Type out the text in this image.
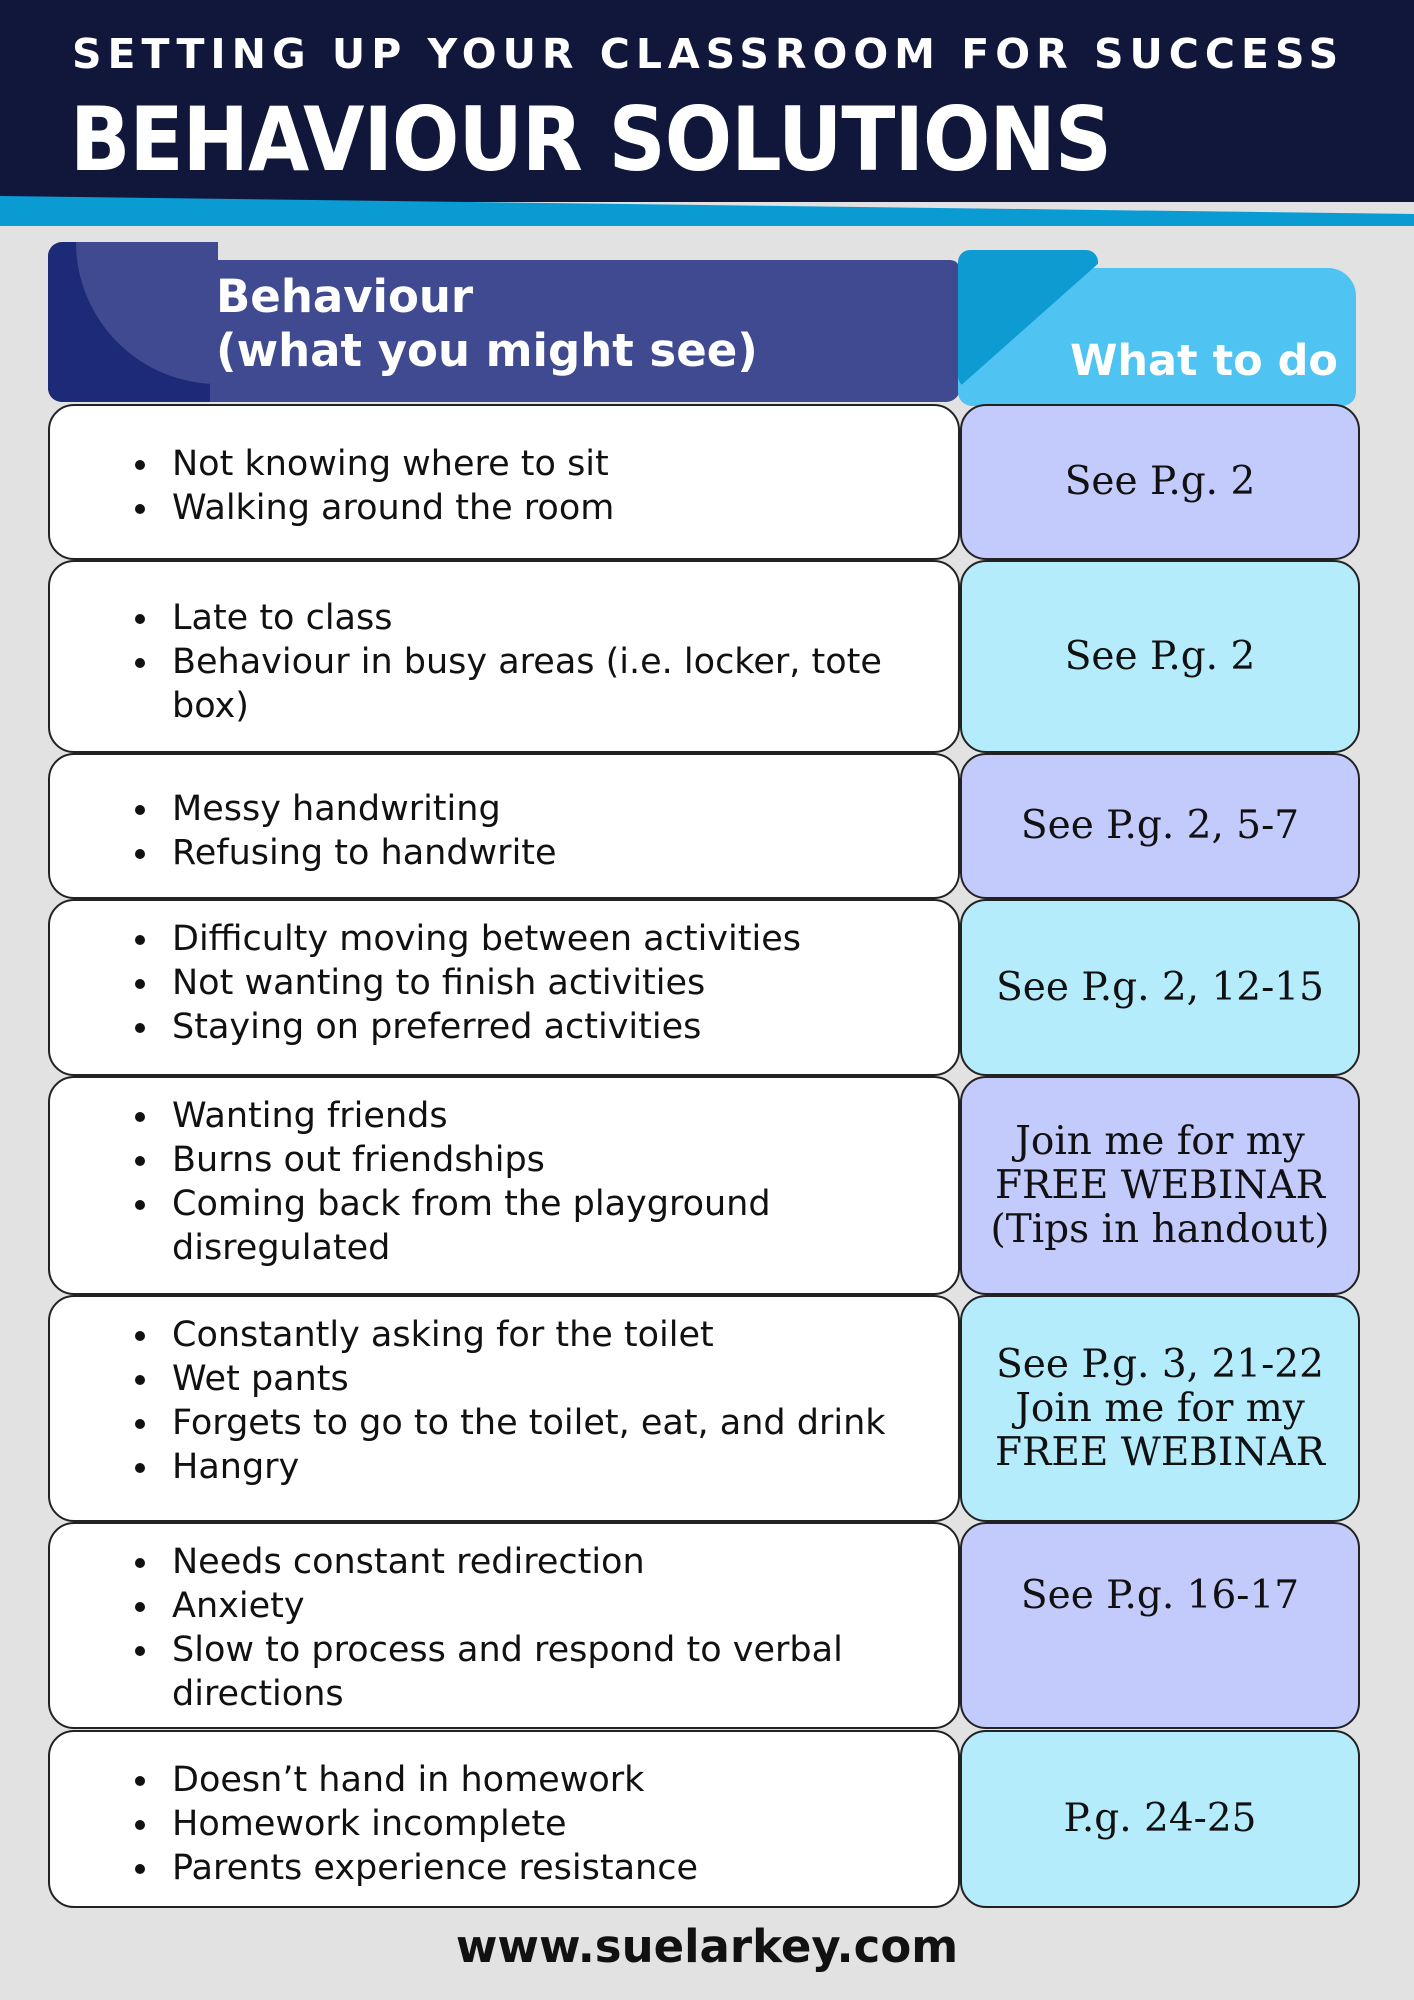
SETTING UP YOUR CLASSROOM FOR SUCCESS
BEHAVIOUR SOLUTIONS
Behaviour
(what you might see)	What to do
Not knowing where to sit
Walking around the room
See P.g. 2
Late to class
Behaviour in busy areas (i.e. locker, tote box)
See P.g. 2
Messy handwriting
Refusing to handwrite
See P.g. 2, 5-7
Difficulty moving between activities
Not wanting to finish activities
Staying on preferred activities
See P.g. 2, 12-15
Wanting friends
Burns out friendships
Coming back from the playground disregulated
Join me for my
FREE WEBINAR
(Tips in handout)
Constantly asking for the toilet
Wet pants
Forgets to go to the toilet, eat, and drink
Hangry
See P.g. 3, 21-22
Join me for my
FREE WEBINAR
Needs constant redirection
Anxiety
Slow to process and respond to verbal directions
See P.g. 16-17
Doesn’t hand in homework
Homework incomplete
Parents experience resistance
P.g. 24-25
www.suelarkey.com
